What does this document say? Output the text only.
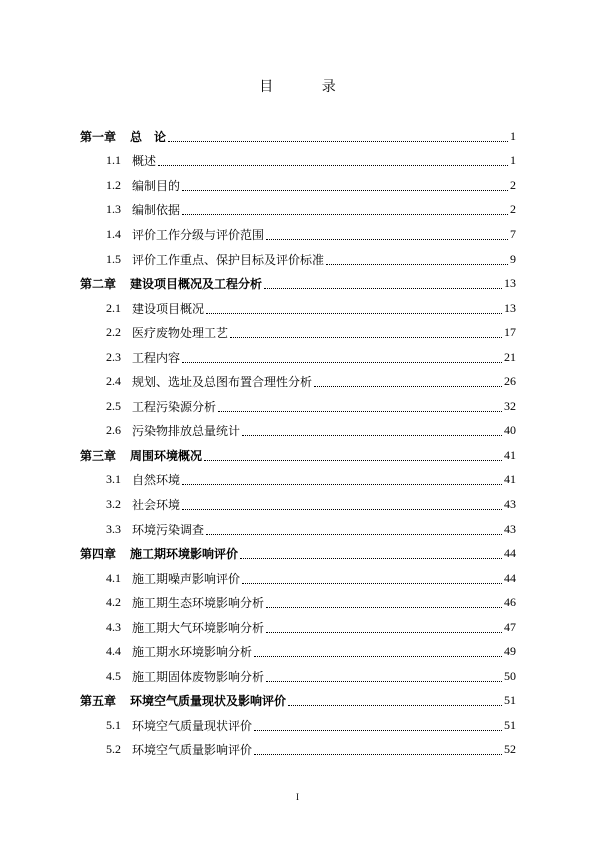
目 录
第一章 总　论	1
1.1 概述	1
1.2 编制目的	2
1.3 编制依据	2
1.4 评价工作分级与评价范围	7
1.5 评价工作重点、保护目标及评价标准	9
第二章 建设项目概况及工程分析	13
2.1 建设项目概况	13
2.2 医疗废物处理工艺	17
2.3 工程内容	21
2.4 规划、选址及总图布置合理性分析	26
2.5 工程污染源分析	32
2.6 污染物排放总量统计	40
第三章 周围环境概况	41
3.1 自然环境	41
3.2 社会环境	43
3.3 环境污染调查	43
第四章 施工期环境影响评价	44
4.1 施工期噪声影响评价	44
4.2 施工期生态环境影响分析	46
4.3 施工期大气环境影响分析	47
4.4 施工期水环境影响分析	49
4.5 施工期固体废物影响分析	50
第五章 环境空气质量现状及影响评价	51
5.1 环境空气质量现状评价	51
5.2 环境空气质量影响评价	52
I
